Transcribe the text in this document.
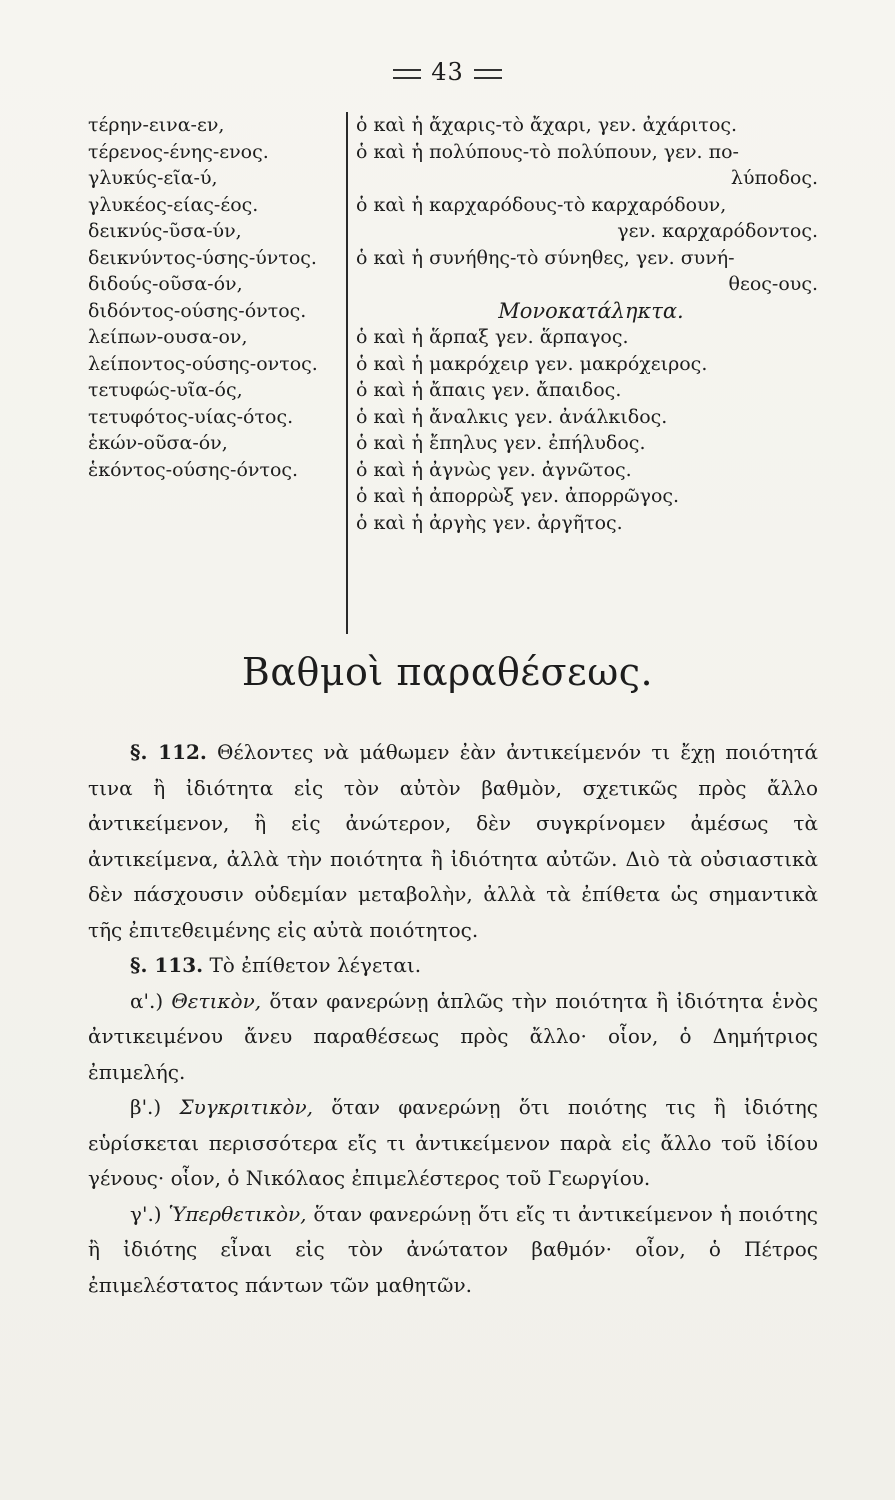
43
τέρην-εινα-εν,
τέρενος-ένης-ενος.
γλυκύς-εῖα-ύ,
γλυκέος-είας-έος.
δεικνύς-ῦσα-ύν,
δεικνύντος-ύσης-ύντος.
διδούς-οῦσα-όν,
διδόντος-ούσης-όντος.
λείπων-ουσα-ον,
λείποντος-ούσης-οντος.
τετυφώς-υῖα-ός,
τετυφότος-υίας-ότος.
ἑκών-οῦσα-όν,
ἑκόντος-ούσης-όντος.
ὁ καὶ ἡ ἄχαρις-τὸ ἄχαρι, γεν. ἀχάριτος.
ὁ καὶ ἡ πολύπους-τὸ πολύπουν, γεν. πο-
λύποδος.
ὁ καὶ ἡ καρχαρόδους-τὸ καρχαρόδουν,
γεν. καρχαρόδοντος.
ὁ καὶ ἡ συνήθης-τὸ σύνηθες, γεν. συνή-
θεος-ους.
Μονοκατάληκτα.
ὁ καὶ ἡ ἅρπαξ γεν. ἅρπαγος.
ὁ καὶ ἡ μακρόχειρ γεν. μακρόχειρος.
ὁ καὶ ἡ ἄπαις γεν. ἄπαιδος.
ὁ καὶ ἡ ἄναλκις γεν. ἀνάλκιδος.
ὁ καὶ ἡ ἔπηλυς γεν. ἐπήλυδος.
ὁ καὶ ἡ ἀγνὼς γεν. ἀγνῶτος.
ὁ καὶ ἡ ἀπορρὼξ γεν. ἀπορρῶγος.
ὁ καὶ ἡ ἀργὴς γεν. ἀργῆτος.
Βαθμοὶ παραθέσεως.

§. 112. Θέλοντες νὰ μάθωμεν ἐὰν ἀντικείμενόν τι ἔχῃ ποιότητά τινα ἢ ἰδιότητα εἰς τὸν αὐτὸν βαθμὸν, σχετικῶς πρὸς ἄλλο ἀντικείμενον, ἢ εἰς ἀνώτερον, δὲν συγκρίνομεν ἀμέσως τὰ ἀντικείμενα, ἀλλὰ τὴν ποιότητα ἢ ἰδιότητα αὐτῶν. Διὸ τὰ οὐσιαστικὰ δὲν πάσχουσιν οὐδεμίαν μεταβολὴν, ἀλλὰ τὰ ἐπίθετα ὡς σημαντικὰ τῆς ἐπιτεθειμένης εἰς αὐτὰ ποιότητος.

§. 113. Τὸ ἐπίθετον λέγεται.

α'.) Θετικὸν, ὅταν φανερώνῃ ἁπλῶς τὴν ποιότητα ἢ ἰδιότητα ἑνὸς ἀντικειμένου ἄνευ παραθέσεως πρὸς ἄλλο· οἷον, ὁ Δημήτριος ἐπιμελής.

β'.) Συγκριτικὸν, ὅταν φανερώνῃ ὅτι ποιότης τις ἢ ἰδιότης εὑρίσκεται περισσότερα εἴς τι ἀντικείμενον παρὰ εἰς ἄλλο τοῦ ἰδίου γένους· οἷον, ὁ Νικόλαος ἐπιμελέστερος τοῦ Γεωργίου.

γ'.) Ὑπερθετικὸν, ὅταν φανερώνῃ ὅτι εἴς τι ἀντικείμενον ἡ ποιότης ἢ ἰδιότης εἶναι εἰς τὸν ἀνώτατον βαθμόν· οἷον, ὁ Πέτρος ἐπιμελέστατος πάντων τῶν μαθητῶν.
